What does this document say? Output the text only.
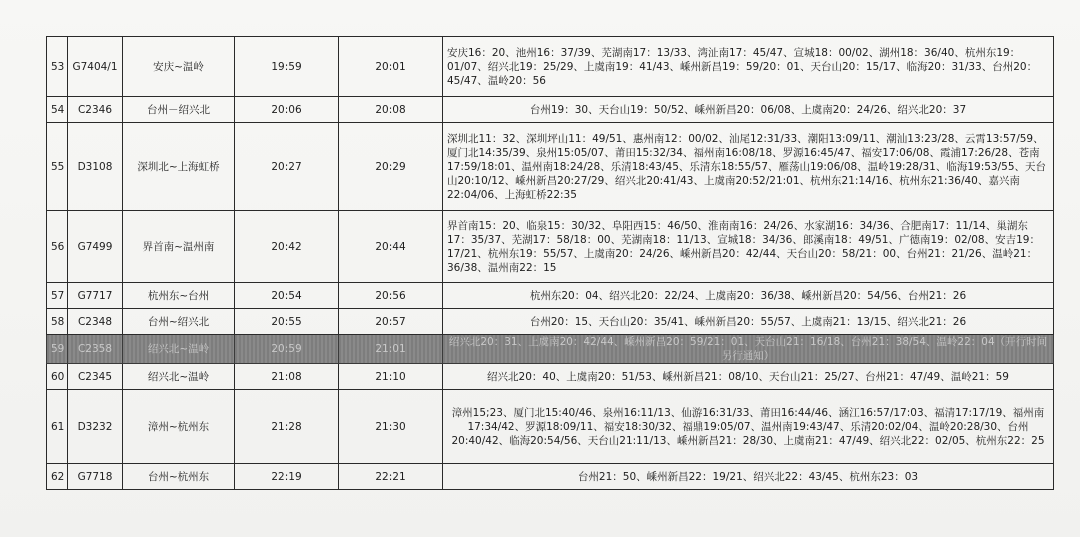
53	G7404/1	安庆~温岭	19:59	20:01	安庆16：20、池州16：37/39、芜湖南17：13/33、湾沚南17：45/47、宣城18：00/02、湖州18：36/40、杭州东19：01/07、绍兴北19：25/29、上虞南19：41/43、嵊州新昌19：59/20：01、天台山20：15/17、临海20：31/33、台州20：45/47、温岭20：56
54	C2346	台州－绍兴北	20:06	20:08	台州19：30、天台山19：50/52、嵊州新昌20：06/08、上虞南20：24/26、绍兴北20：37
55	D3108	深圳北~上海虹桥	20:27	20:29	深圳北11：32、深圳坪山11：49/51、惠州南12：00/02、汕尾12:31/33、潮阳13:09/11、潮汕13:23/28、云霄13:57/59、厦门北14:35/39、泉州15:05/07、莆田15:32/34、福州南16:08/18、罗源16:45/47、福安17:06/08、霞浦17:26/28、苍南17:59/18:01、温州南18:24/28、乐清18:43/45、乐清东18:55/57、雁荡山19:06/08、温岭19:28/31、临海19:53/55、天台山20:10/12、嵊州新昌20:27/29、绍兴北20:41/43、上虞南20:52/21:01、杭州东21:14/16、杭州东21:36/40、嘉兴南22:04/06、上海虹桥22:35
56	G7499	界首南~温州南	20:42	20:44	界首南15：20、临泉15：30/32、阜阳西15：46/50、淮南南16：24/26、水家湖16：34/36、合肥南17：11/14、巢湖东17：35/37、芜湖17：58/18：00、芜湖南18：11/13、宣城18：34/36、郎溪南18：49/51、广德南19：02/08、安吉19：17/21、杭州东19：55/57、上虞南20：24/26、嵊州新昌20：42/44、天台山20：58/21：00、台州21：21/26、温岭21：36/38、温州南22：15
57	G7717	杭州东~台州	20:54	20:56	杭州东20：04、绍兴北20：22/24、上虞南20：36/38、嵊州新昌20：54/56、台州21：26
58	C2348	台州~绍兴北	20:55	20:57	台州20：15、天台山20：35/41、嵊州新昌20：55/57、上虞南21：13/15、绍兴北21：26
59	C2358	绍兴北~温岭	20:59	21:01	绍兴北20：31、上虞南20：42/44、嵊州新昌20：59/21：01、天台山21：16/18、台州21：38/54、温岭22：04（开行时间另行通知）
60	C2345	绍兴北~温岭	21:08	21:10	绍兴北20：40、上虞南20：51/53、嵊州新昌21：08/10、天台山21：25/27、台州21：47/49、温岭21：59
61	D3232	漳州~杭州东	21:28	21:30	漳州15;23、厦门北15:40/46、泉州16:11/13、仙游16:31/33、莆田16:44/46、涵江16:57/17:03、福清17:17/19、福州南17:34/42、罗源18:09/11、福安18:30/32、福鼎19:05/07、温州南19:43/47、乐清20:02/04、温岭20:28/30、台州20:40/42、临海20:54/56、天台山21:11/13、嵊州新昌21：28/30、上虞南21：47/49、绍兴北22：02/05、杭州东22：25
62	G7718	台州~杭州东	22:19	22:21	台州21：50、嵊州新昌22：19/21、绍兴北22：43/45、杭州东23：03
